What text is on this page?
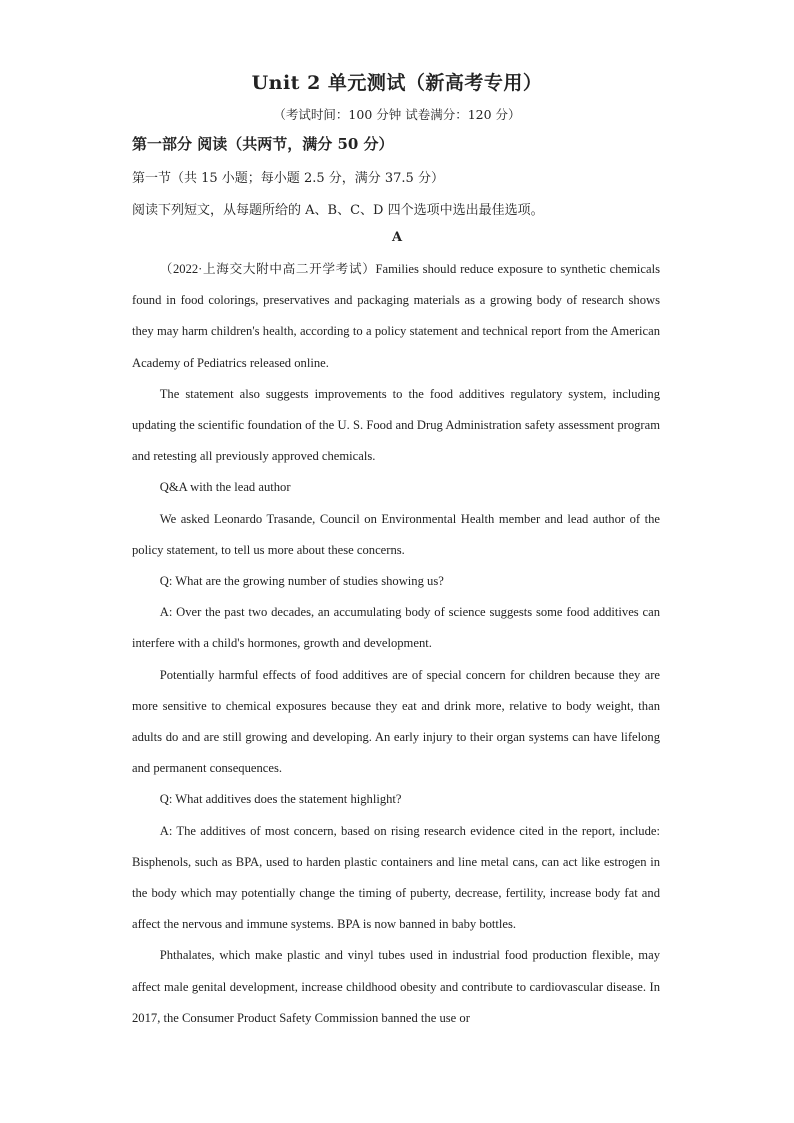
Unit 2 单元测试（新高考专用）
（考试时间：100 分钟 试卷满分：120 分）
第一部分 阅读（共两节，满分 50 分）
第一节（共 15 小题；每小题 2.5 分，满分 37.5 分）
阅读下列短文，从每题所给的 A、B、C、D 四个选项中选出最佳选项。
A

（2022·上海交大附中高二开学考试）Families should reduce exposure to synthetic chemicals found in food colorings, preservatives and packaging materials as a growing body of research shows they may harm children's health, according to a policy statement and technical report from the American Academy of Pediatrics released online.

The statement also suggests improvements to the food additives regulatory system, including updating the scientific foundation of the U. S. Food and Drug Administration safety assessment program and retesting all previously approved chemicals.

Q&A with the lead author

We asked Leonardo Trasande, Council on Environmental Health member and lead author of the policy statement, to tell us more about these concerns.

Q: What are the growing number of studies showing us?

A: Over the past two decades, an accumulating body of science suggests some food additives can interfere with a child's hormones, growth and development.

Potentially harmful effects of food additives are of special concern for children because they are more sensitive to chemical exposures because they eat and drink more, relative to body weight, than adults do and are still growing and developing. An early injury to their organ systems can have lifelong and permanent consequences.

Q: What additives does the statement highlight?

A: The additives of most concern, based on rising research evidence cited in the report, include: Bisphenols, such as BPA, used to harden plastic containers and line metal cans, can act like estrogen in the body which may potentially change the timing of puberty, decrease, fertility, increase body fat and affect the nervous and immune systems. BPA is now banned in baby bottles.

Phthalates, which make plastic and vinyl tubes used in industrial food production flexible, may affect male genital development, increase childhood obesity and contribute to cardiovascular disease. In 2017, the Consumer Product Safety Commission banned the use or
